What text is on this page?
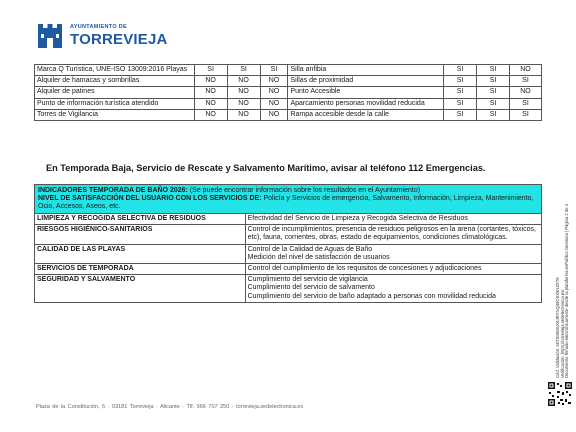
AYUNTAMIENTO DE
TORREVIEJA
Marca Q Turística, UNE-ISO 13009:2016 Playas	SI	SI	SI	Silla anfibia	SI	SI	NO
Alquiler de hamacas y sombrillas	NO	NO	NO	Sillas de proximidad	SI	SI	SI
Alquiler de patines	NO	NO	NO	Punto Accesible	SI	SI	NO
Punto de información turística atendido	NO	NO	NO	Aparcamiento personas movilidad reducida	SI	SI	SI
Torres de Vigilancia	NO	NO	NO	Rampa accesible desde la calle	SI	SI	SI
En Temporada Baja, Servicio de Rescate y Salvamento Marítimo, avisar al teléfono 112 Emergencias.
INDICADORES TEMPORADA DE BAÑO 2026: (Se puede encontrar información sobre los resultados en el Ayuntamiento)
NIVEL DE SATISFACCIÓN DEL USUARIO CON LOS SERVICIOS DE: Policía y Servicios de emergencia, Salvamento, Información, Limpieza, Mantenimiento, Ocio, Accesos, Aseos, etc.	
LIMPIEZA Y RECOGIDA SELECTIVA DE RESIDUOS	Efectividad del Servicio de Limpieza y Recogida Selectiva de Residuos

RIESGOS HIGIÉNICO-SANITARIOS	Control de incumplimientos, presencia de residuos peligrosos en la arena (cortantes, tóxicos, etc), fauna, corrientes, obras, estado de equipamientos, condiciones climatológicas.

CALIDAD DE LAS PLAYAS	Control de la Calidad de Aguas de Baño
Medición del nivel de satisfacción de usuarios

SERVICIOS DE TEMPORADA	Control del cumplimiento de los requisitos de concesiones y adjudicaciones

SEGURIDAD Y SALVAMENTO	Cumplimiento del servicio de vigilancia
Cumplimiento del servicio de salvamento
Cumplimiento del servicio de baño adaptado a personas con movilidad reducida
Plaza de la Constitución, 5 · 03181 Torrevieja · Alicante · Tlf. 966 707 250 · torrevieja.sedelectronica.es
Cód. Validación: 45TSMWGXKJRYNQ39CEX9NZXT9 Verificación: https://torrevieja.sedelectronica.es/ Documento firmado electrónicamente desde la plataforma esPublico Gestiona | Página 2 de 4
